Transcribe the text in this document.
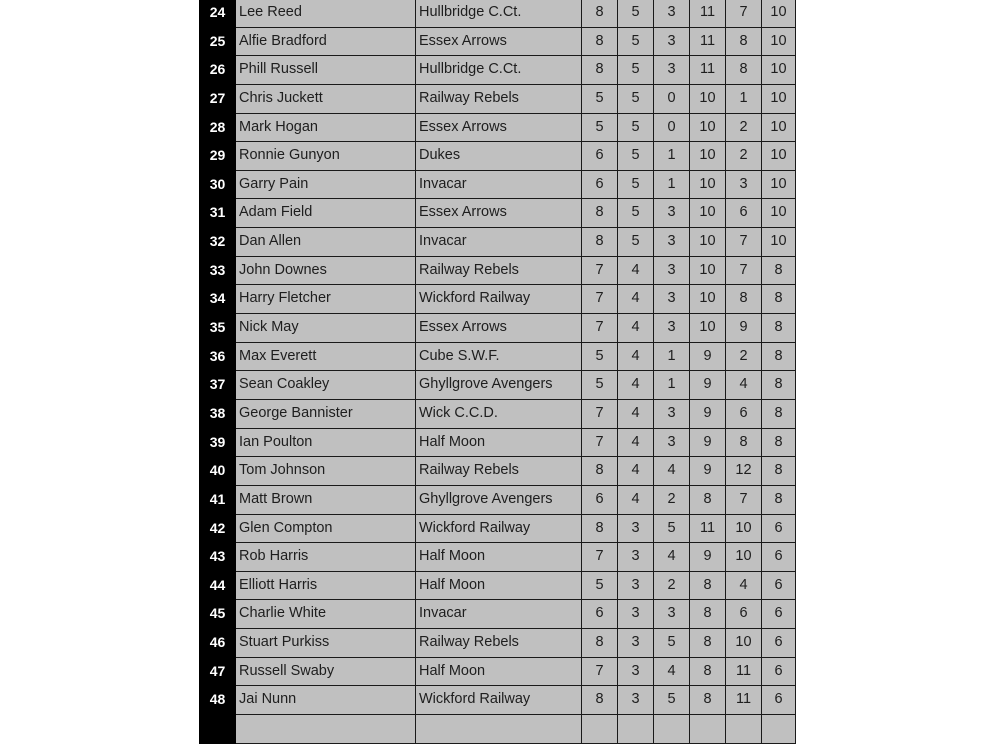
24 Lee Reed	Hullbridge C.Ct.	8	5	3	11	7	10
25 Alfie Bradford	Essex Arrows	8	5	3	11	8	10
26 Phill Russell	Hullbridge C.Ct.	8	5	3	11	8	10
27 Chris Juckett	Railway Rebels	5	5	0	10	1	10
28 Mark Hogan	Essex Arrows	5	5	0	10	2	10
29 Ronnie Gunyon	Dukes	6	5	1	10	2	10
30 Garry Pain	Invacar	6	5	1	10	3	10
31 Adam Field	Essex Arrows	8	5	3	10	6	10
32 Dan Allen	Invacar	8	5	3	10	7	10
33 John Downes	Railway Rebels	7	4	3	10	7	8
34 Harry Fletcher	Wickford Railway	7	4	3	10	8	8
35 Nick May	Essex Arrows	7	4	3	10	9	8
36 Max Everett	Cube S.W.F.	5	4	1	9	2	8
37 Sean Coakley	Ghyllgrove Avengers	5	4	1	9	4	8
38 George Bannister	Wick C.C.D.	7	4	3	9	6	8
39 Ian Poulton	Half Moon	7	4	3	9	8	8
40 Tom Johnson	Railway Rebels	8	4	4	9	12	8
41 Matt Brown	Ghyllgrove Avengers	6	4	2	8	7	8
42 Glen Compton	Wickford Railway	8	3	5	11	10	6
43 Rob Harris	Half Moon	7	3	4	9	10	6
44 Elliott Harris	Half Moon	5	3	2	8	4	6
45 Charlie White	Invacar	6	3	3	8	6	6
46 Stuart Purkiss	Railway Rebels	8	3	5	8	10	6
47 Russell Swaby	Half Moon	7	3	4	8	11	6
48 Jai Nunn	Wickford Railway	8	3	5	8	11	6
